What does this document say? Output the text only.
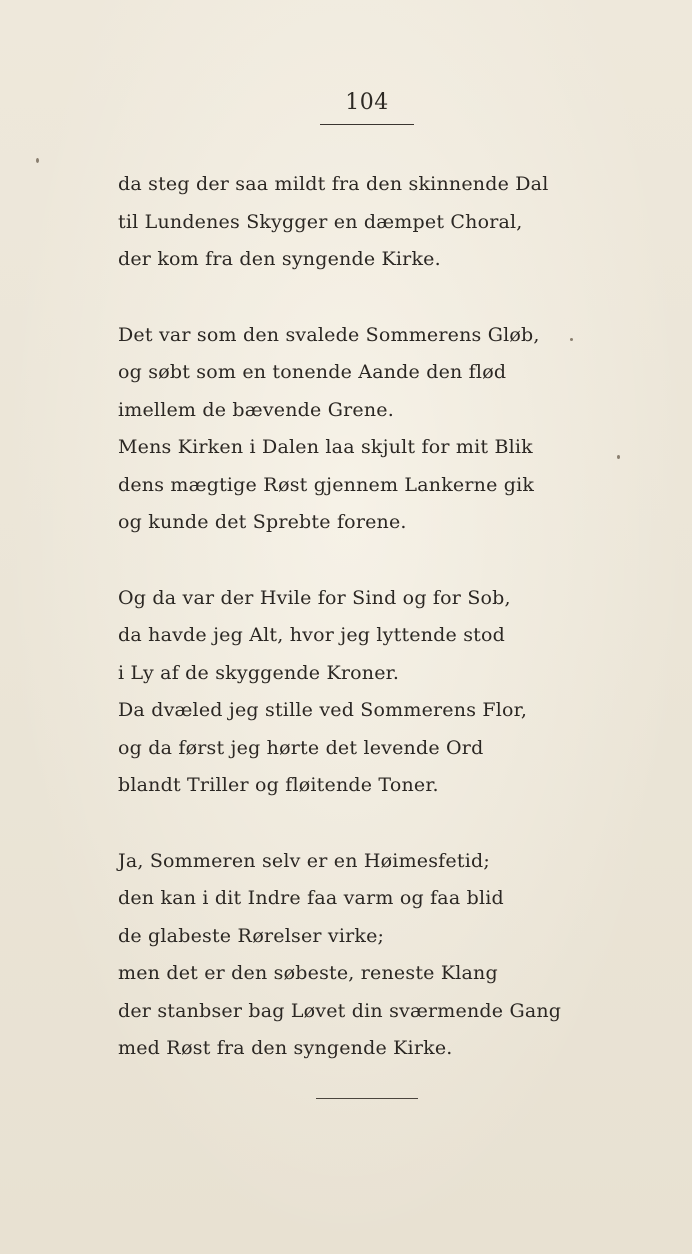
104
da steg der saa mildt fra den skinnende Dal
til Lundenes Skygger en dæmpet Choral,
der kom fra den syngende Kirke.
Det var som den svalede Sommerens Gløb,
og søbt som en tonende Aande den flød
imellem de bævende Grene.
Mens Kirken i Dalen laa skjult for mit Blik
dens mægtige Røst gjennem Lankerne gik
og kunde det Sprebte forene.
Og da var der Hvile for Sind og for Sob,
da havde jeg Alt, hvor jeg lyttende stod
i Ly af de skyggende Kroner.
Da dvæled jeg stille ved Sommerens Flor,
og da først jeg hørte det levende Ord
blandt Triller og fløitende Toner.
Ja, Sommeren selv er en Høimesfetid;
den kan i dit Indre faa varm og faa blid
de glabeste Rørelser virke;
men det er den søbeste, reneste Klang
der stanbser bag Løvet din sværmende Gang
med Røst fra den syngende Kirke.
